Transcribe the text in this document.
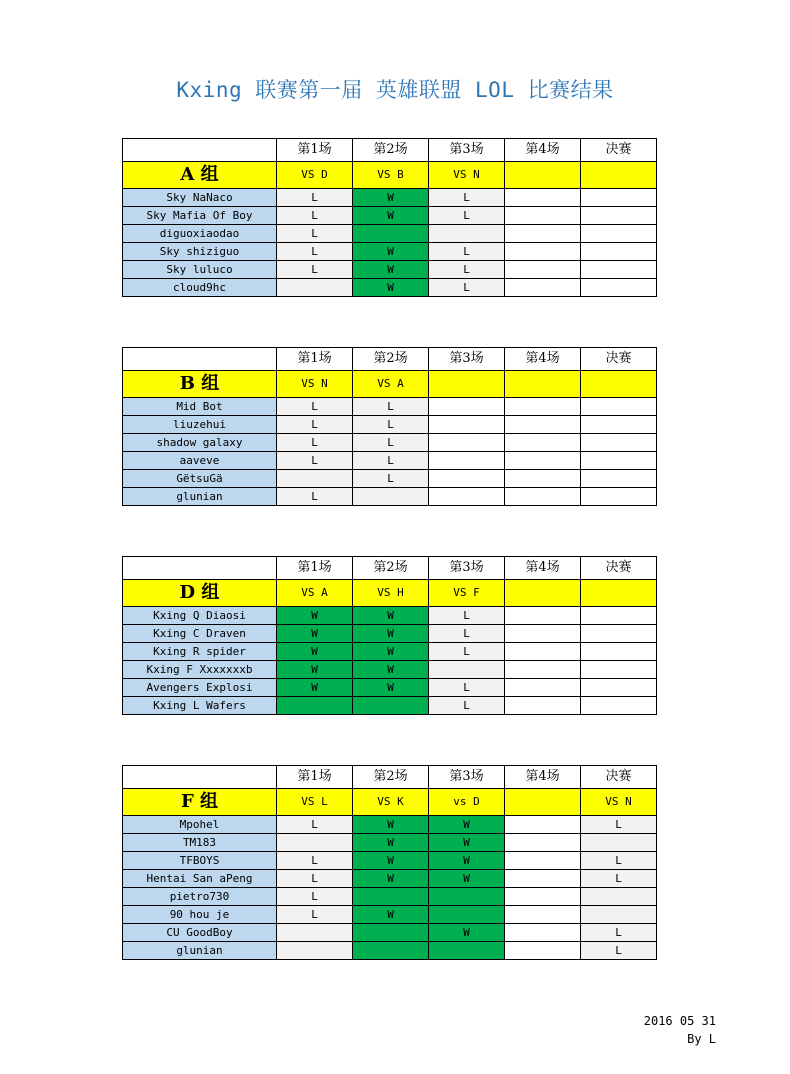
Kxing 联赛第一届 英雄联盟 LOL 比赛结果
	第1场	第2场	第3场	第4场	决赛
A 组	VS D	VS B	VS N		
Sky NaNaco	L	W	L		
Sky Mafia Of Boy	L	W	L		
diguoxiaodao	L				
Sky shiziguo	L	W	L		
Sky luluco	L	W	L		
cloud9hc		W	L		
	第1场	第2场	第3场	第4场	决赛
B 组	VS N	VS A			
Mid Bot	L	L			
liuzehui	L	L			
shadow galaxy	L	L			
aaveve	L	L			
GëtsuGä		L			
glunian	L				
	第1场	第2场	第3场	第4场	决赛
D 组	VS A	VS H	VS F		
Kxing Q Diaosi	W	W	L		
Kxing C Draven	W	W	L		
Kxing R spider	W	W	L		
Kxing F Xxxxxxxb	W	W			
Avengers Explosi	W	W	L		
Kxing L Wafers			L		
	第1场	第2场	第3场	第4场	决赛
F 组	VS L	VS K	vs D		VS N
Mpohel	L	W	W		L
TM183		W	W		
TFBOYS	L	W	W		L
Hentai San aPeng	L	W	W		L
pietro730	L				
90 hou je	L	W			
CU GoodBoy			W		L
glunian					L
2016 05 31
By L
